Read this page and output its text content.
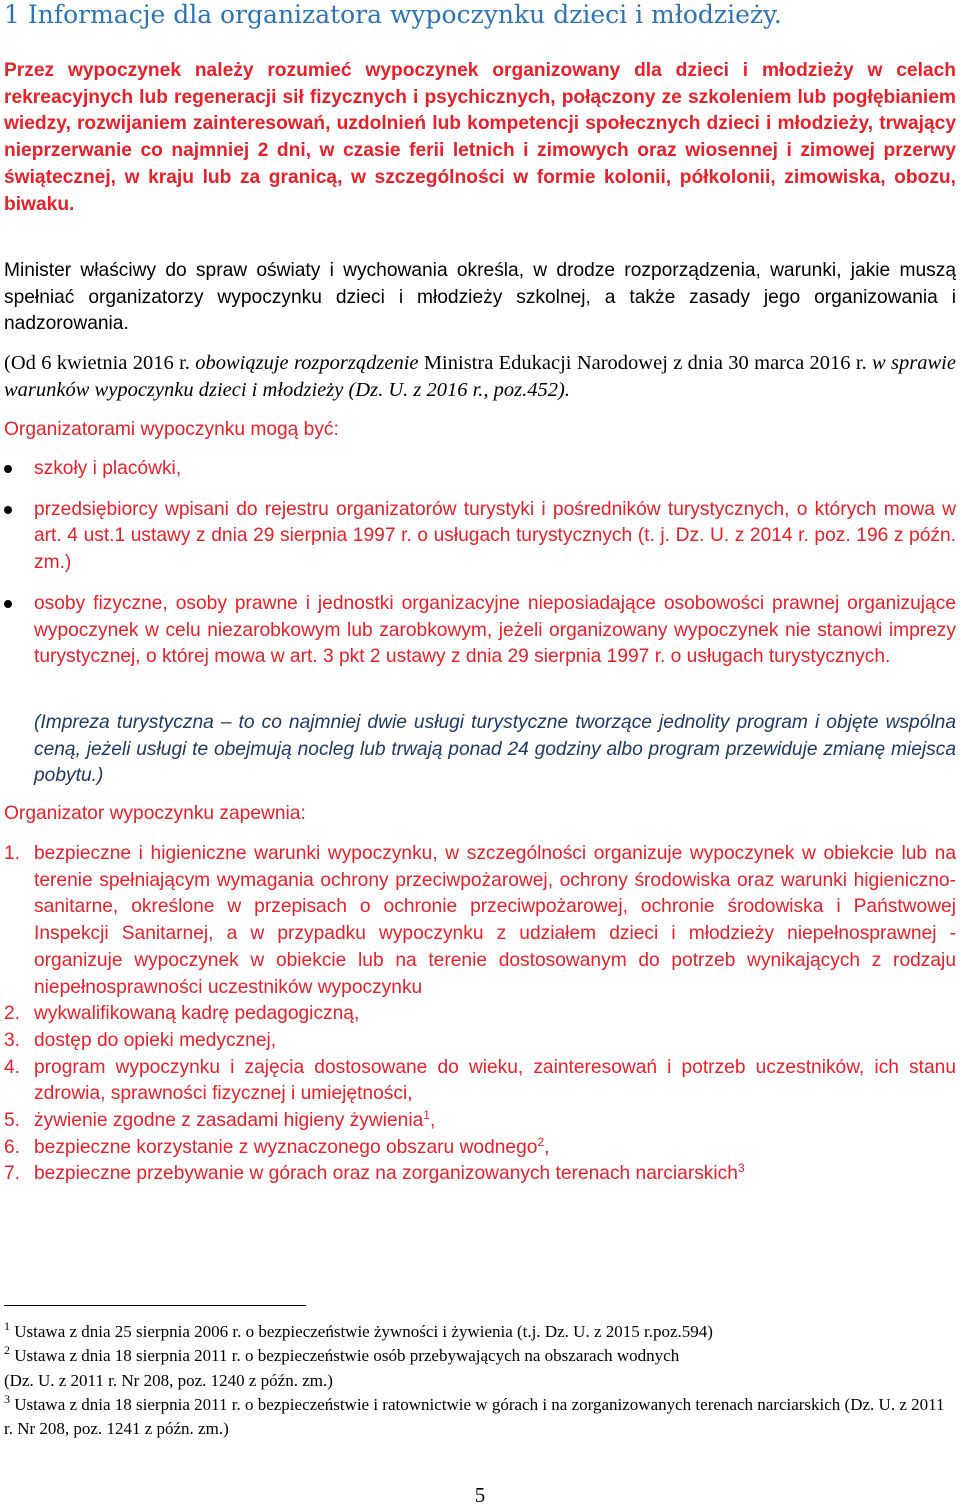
1 Informacje dla organizatora wypoczynku dzieci i młodzieży.

Przez wypoczynek należy rozumieć wypoczynek organizowany dla dzieci i młodzieży w celach rekreacyjnych lub regeneracji sił fizycznych i psychicznych, połączony ze szkoleniem lub pogłębianiem wiedzy, rozwijaniem zainteresowań, uzdolnień lub kompetencji społecznych dzieci i młodzieży, trwający nieprzerwanie co najmniej 2 dni, w czasie ferii letnich i zimowych oraz wiosennej i zimowej przerwy świątecznej, w kraju lub za granicą, w szczególności w formie kolonii, półkolonii, zimowiska, obozu, biwaku.

Minister właściwy do spraw oświaty i wychowania określa, w drodze rozporządzenia, warunki, jakie muszą spełniać organizatorzy wypoczynku dzieci i młodzieży szkolnej, a także zasady jego organizowania i nadzorowania.

(Od 6 kwietnia 2016 r. obowiązuje rozporządzenie Ministra Edukacji Narodowej z dnia 30 marca 2016 r. w sprawie warunków wypoczynku dzieci i młodzieży (Dz. U. z 2016 r., poz.452).

Organizatorami wypoczynku mogą być:

szkoły i placówki,
przedsiębiorcy wpisani do rejestru organizatorów turystyki i pośredników turystycznych, o których mowa w art. 4 ust.1 ustawy z dnia 29 sierpnia 1997 r. o usługach turystycznych (t. j. Dz. U. z 2014 r. poz. 196 z późn. zm.)
osoby fizyczne, osoby prawne i jednostki organizacyjne nieposiadające osobowości prawnej organizujące wypoczynek w celu niezarobkowym lub zarobkowym, jeżeli organizowany wypoczynek nie stanowi imprezy turystycznej, o której mowa w art. 3 pkt 2 ustawy z dnia 29 sierpnia 1997 r. o usługach turystycznych.

(Impreza turystyczna – to co najmniej dwie usługi turystyczne tworzące jednolity program i objęte wspólna ceną, jeżeli usługi te obejmują nocleg lub trwają ponad 24 godziny albo program przewiduje zmianę miejsca pobytu.)

Organizator wypoczynku zapewnia:

1. bezpieczne i higieniczne warunki wypoczynku, w szczególności organizuje wypoczynek w obiekcie lub na terenie spełniającym wymagania ochrony przeciwpożarowej, ochrony środowiska oraz warunki higieniczno-sanitarne, określone w przepisach o ochronie przeciwpożarowej, ochronie środowiska i Państwowej Inspekcji Sanitarnej, a w przypadku wypoczynku z udziałem dzieci i młodzieży niepełnosprawnej - organizuje wypoczynek w obiekcie lub na terenie dostosowanym do potrzeb wynikających z rodzaju niepełnosprawności uczestników wypoczynku
2. wykwalifikowaną kadrę pedagogiczną,
3. dostęp do opieki medycznej,
4. program wypoczynku i zajęcia dostosowane do wieku, zainteresowań i potrzeb uczestników, ich stanu zdrowia, sprawności fizycznej i umiejętności,
5. żywienie zgodne z zasadami higieny żywienia$^1$,
6. bezpieczne korzystanie z wyznaczonego obszaru wodnego$^2$,
7. bezpieczne przebywanie w górach oraz na zorganizowanych terenach narciarskich$^3$

$^1$ Ustawa z dnia 25 sierpnia 2006 r. o bezpieczeństwie żywności i żywienia (t.j. Dz. U. z 2015 r.poz.594)

$^2$ Ustawa z dnia 18 sierpnia 2011 r. o bezpieczeństwie osób przebywających na obszarach wodnych

(Dz. U. z 2011 r. Nr 208, poz. 1240 z późn. zm.)

$^3$ Ustawa z dnia 18 sierpnia 2011 r. o bezpieczeństwie i ratownictwie w górach i na zorganizowanych terenach narciarskich (Dz. U. z 2011 r. Nr 208, poz. 1241 z późn. zm.)

5
